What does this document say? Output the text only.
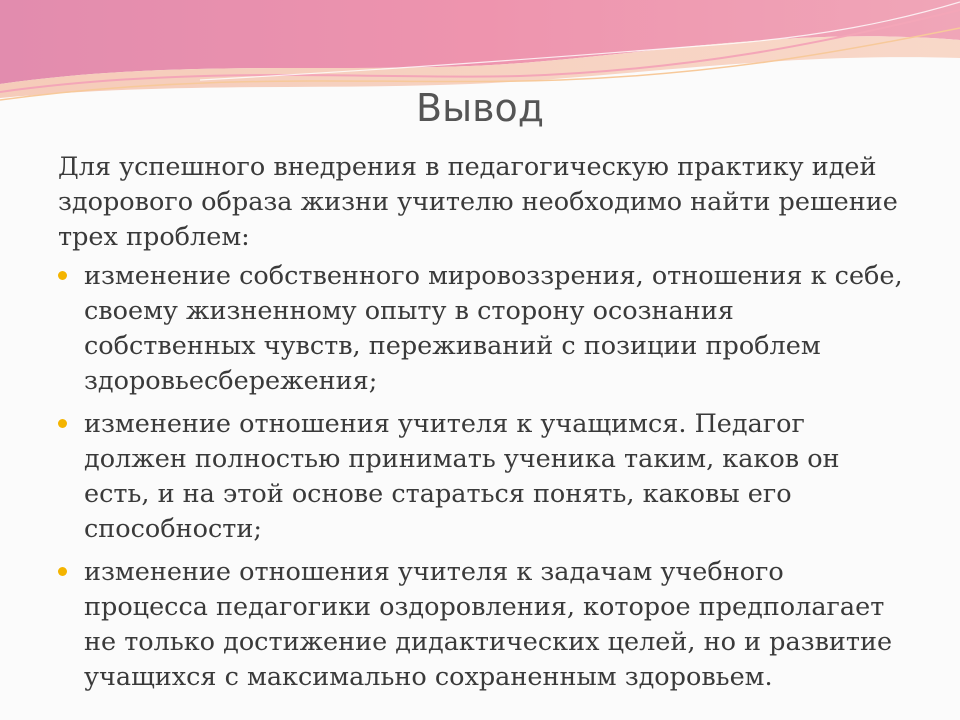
Вывод

Для успешного внедрения в педагогическую практику идей здорового образа жизни учителю необходимо найти решение трех проблем:

изменение собственного мировоззрения, отношения к себе, своему жизненному опыту в сторону осознания собственных чувств, переживаний с позиции проблем здоровьесбережения;
изменение отношения учителя к учащимся. Педагог должен полностью принимать ученика таким, каков он есть, и на этой основе стараться понять, каковы его способности;
изменение отношения учителя к задачам учебного процесса педагогики оздоровления, которое предполагает не только достижение дидактических целей, но и развитие учащихся с максимально сохраненным здоровьем.
